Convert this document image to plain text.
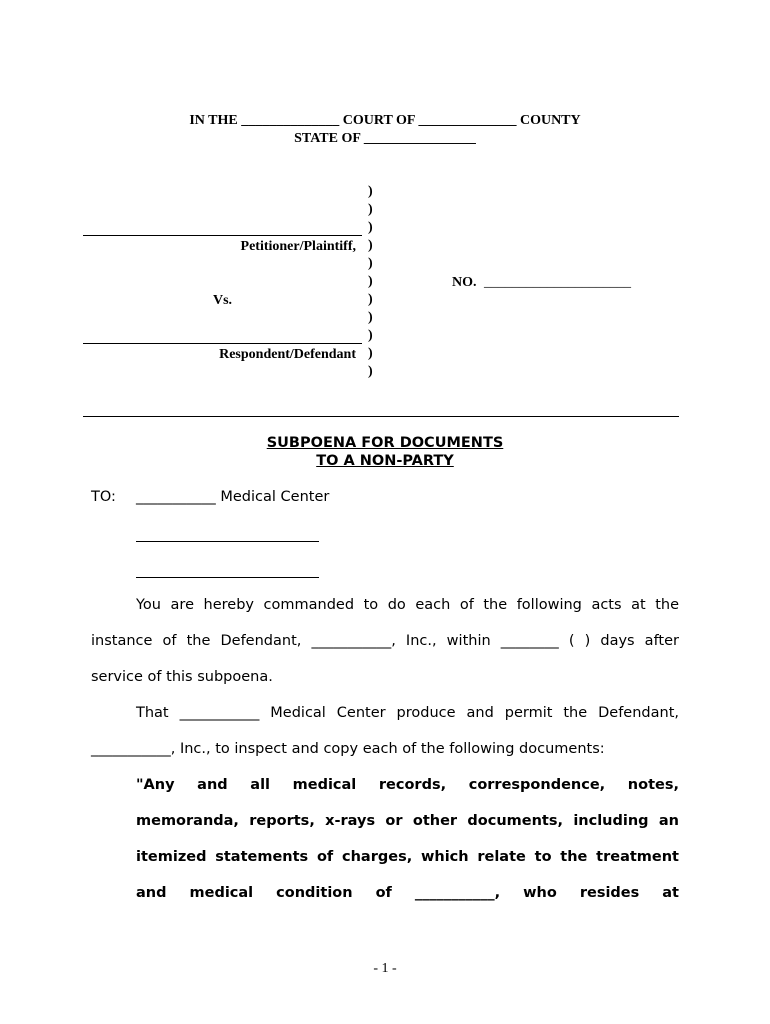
IN THE ______________ COURT OF ______________ COUNTY
STATE OF ________________
)
)
)
)
)
)
)
)
)
)
)
Petitioner/Plaintiff,
Vs.
Respondent/Defendant
NO. _____________________
SUBPOENA FOR DOCUMENTS
TO A NON-PARTY
TO: ___________ Medical Center
You are hereby commanded to do each of the following acts at the
instance of the Defendant, ___________, Inc., within ________ ( ) days after
service of this subpoena.
That ___________ Medical Center produce and permit the Defendant,
___________, Inc., to inspect and copy each of the following documents:
"Any and all medical records, correspondence, notes,
memoranda, reports, x-rays or other documents, including an
itemized statements of charges, which relate to the treatment
and medical condition of ___________, who resides at
- 1 -
